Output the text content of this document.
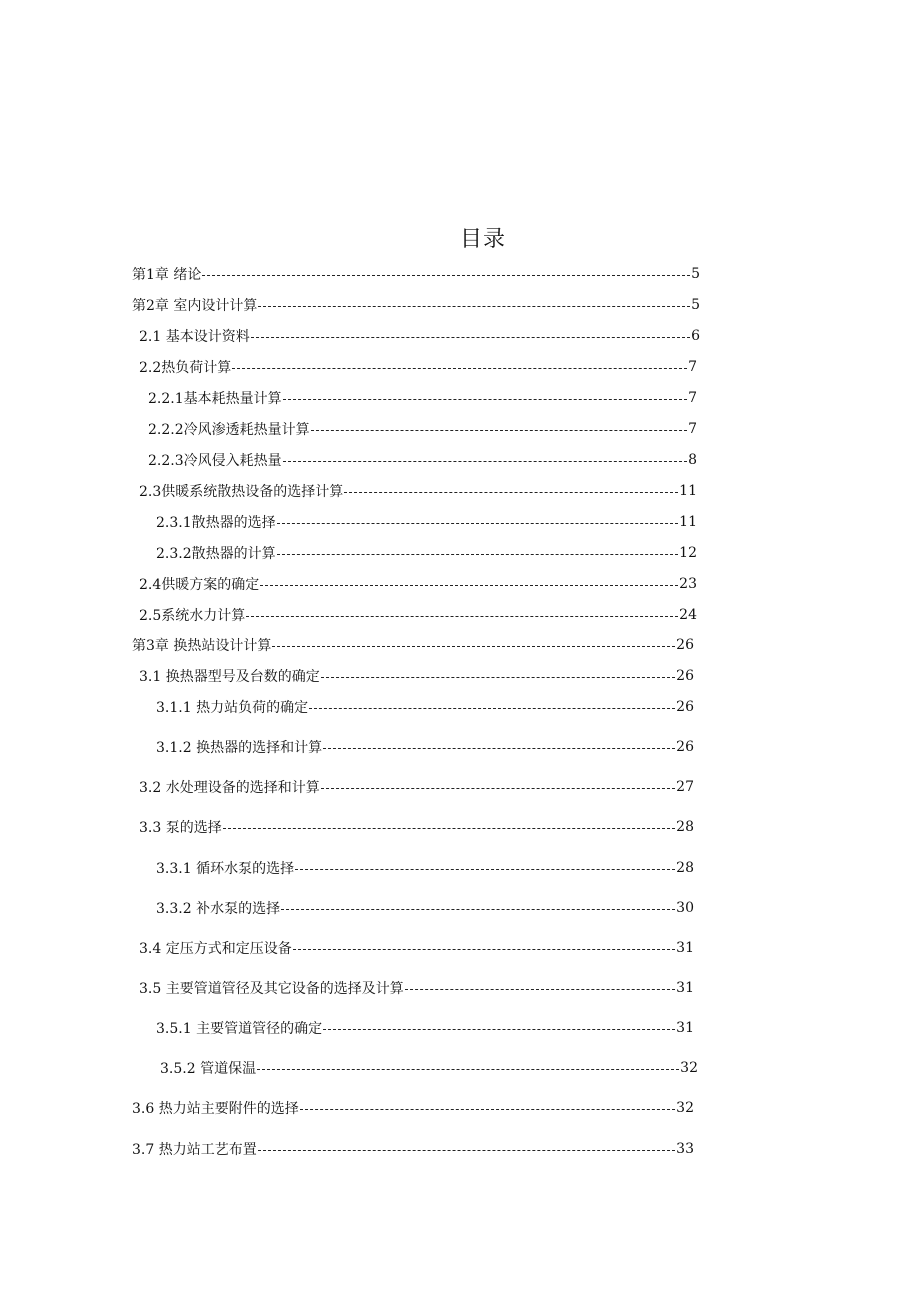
目录
第1章 绪论	5
第2章 室内设计计算	5
2.1 基本设计资料	6
2.2热负荷计算	7
2.2.1基本耗热量计算	7
2.2.2冷风渗透耗热量计算	7
2.2.3冷风侵入耗热量	8
2.3供暖系统散热设备的选择计算	11
2.3.1散热器的选择	11
2.3.2散热器的计算	12
2.4供暖方案的确定	23
2.5系统水力计算	24
第3章 换热站设计计算	26
3.1 换热器型号及台数的确定	26
3.1.1 热力站负荷的确定	26
3.1.2 换热器的选择和计算	26
3.2 水处理设备的选择和计算	27
3.3 泵的选择	28
3.3.1 循环水泵的选择	28
3.3.2 补水泵的选择	30
3.4 定压方式和定压设备	31
3.5 主要管道管径及其它设备的选择及计算	31
3.5.1 主要管道管径的确定	31
3.5.2 管道保温	32
3.6 热力站主要附件的选择	32
3.7 热力站工艺布置	33
